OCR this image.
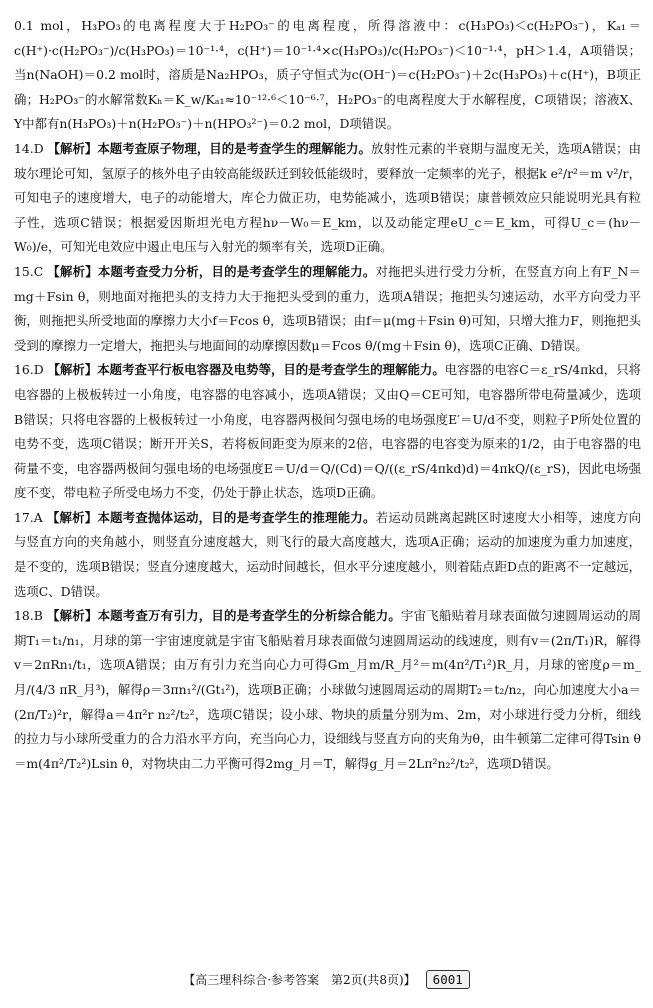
0.1 mol，H₃PO₃的电离程度大于H₂PO₃⁻的电离程度，所得溶液中：c(H₃PO₃)＜c(H₂PO₃⁻)，Kₐ₁＝c(H⁺)·c(H₂PO₃⁻)/c(H₃PO₃)＝10⁻¹·⁴，c(H⁺)＝10⁻¹·⁴×c(H₃PO₃)/c(H₂PO₃⁻)＜10⁻¹·⁴，pH＞1.4，A项错误；当n(NaOH)＝0.2 mol时，溶质是Na₂HPO₃，质子守恒式为c(OH⁻)＝c(H₂PO₃⁻)＋2c(H₃PO₃)＋c(H⁺)，B项正确；H₂PO₃⁻的水解常数Kₕ＝K_w/Kₐ₁≈10⁻¹²·⁶＜10⁻⁶·⁷，H₂PO₃⁻的电离程度大于水解程度，C项错误；溶液X、Y中都有n(H₃PO₃)＋n(H₂PO₃⁻)＋n(HPO₃²⁻)＝0.2 mol，D项错误。

14.D 【解析】本题考查原子物理，目的是考查学生的理解能力。放射性元素的半衰期与温度无关，选项A错误；由玻尔理论可知，氢原子的核外电子由较高能级跃迁到较低能级时，要释放一定频率的光子，根据k e²/r²＝m v²/r，可知电子的速度增大，电子的动能增大，库仑力做正功，电势能减小，选项B错误；康普顿效应只能说明光具有粒子性，选项C错误；根据爱因斯坦光电方程hν－W₀＝E_km，以及动能定理eU_c＝E_km，可得U_c＝(hν－W₀)/e，可知光电效应中遏止电压与入射光的频率有关，选项D正确。

15.C 【解析】本题考查受力分析，目的是考查学生的理解能力。对拖把头进行受力分析，在竖直方向上有F_N＝mg＋Fsin θ，则地面对拖把头的支持力大于拖把头受到的重力，选项A错误；拖把头匀速运动，水平方向受力平衡，则拖把头所受地面的摩擦力大小f＝Fcos θ，选项B错误；由f＝μ(mg＋Fsin θ)可知，只增大推力F，则拖把头受到的摩擦力一定增大，拖把头与地面间的动摩擦因数μ＝Fcos θ/(mg＋Fsin θ)，选项C正确、D错误。

16.D 【解析】本题考查平行板电容器及电势等，目的是考查学生的理解能力。电容器的电容C＝ε_rS/4πkd，只将电容器的上极板转过一小角度，电容器的电容减小，选项A错误；又由Q＝CE可知，电容器所带电荷量减少，选项B错误；只将电容器的上极板转过一小角度，电容器两极间匀强电场的电场强度E′＝U/d不变，则粒子P所处位置的电势不变，选项C错误；断开开关S，若将板间距变为原来的2倍，电容器的电容变为原来的1/2，由于电容器的电荷量不变，电容器两极间匀强电场的电场强度E＝U/d＝Q/(Cd)＝Q/((ε_rS/4πkd)d)＝4πkQ/(ε_rS)，因此电场强度不变，带电粒子所受电场力不变，仍处于静止状态，选项D正确。

17.A 【解析】本题考查抛体运动，目的是考查学生的推理能力。若运动员跳离起跳区时速度大小相等，速度方向与竖直方向的夹角越小，则竖直分速度越大，则飞行的最大高度越大，选项A正确；运动的加速度为重力加速度，是不变的，选项B错误；竖直分速度越大，运动时间越长，但水平分速度越小，则着陆点距D点的距离不一定越远，选项C、D错误。

18.B 【解析】本题考查万有引力，目的是考查学生的分析综合能力。宇宙飞船贴着月球表面做匀速圆周运动的周期T₁＝t₁/n₁，月球的第一宇宙速度就是宇宙飞船贴着月球表面做匀速圆周运动的线速度，则有v＝(2π/T₁)R，解得v＝2πRn₁/t₁，选项A错误；由万有引力充当向心力可得Gm_月m/R_月²＝m(4π²/T₁²)R_月，月球的密度ρ＝m_月/(4/3 πR_月³)，解得ρ＝3πn₁²/(Gt₁²)，选项B正确；小球做匀速圆周运动的周期T₂＝t₂/n₂，向心加速度大小a＝(2π/T₂)²r，解得a＝4π²r n₂²/t₂²，选项C错误；设小球、物块的质量分别为m、2m，对小球进行受力分析，细线的拉力与小球所受重力的合力沿水平方向，充当向心力，设细线与竖直方向的夹角为θ，由牛顿第二定律可得Tsin θ＝m(4π²/T₂²)Lsin θ，对物块由二力平衡可得2mg_月＝T，解得g_月＝2Lπ²n₂²/t₂²，选项D错误。

【高三理科综合·参考答案　第2页(共8页)】	6001
